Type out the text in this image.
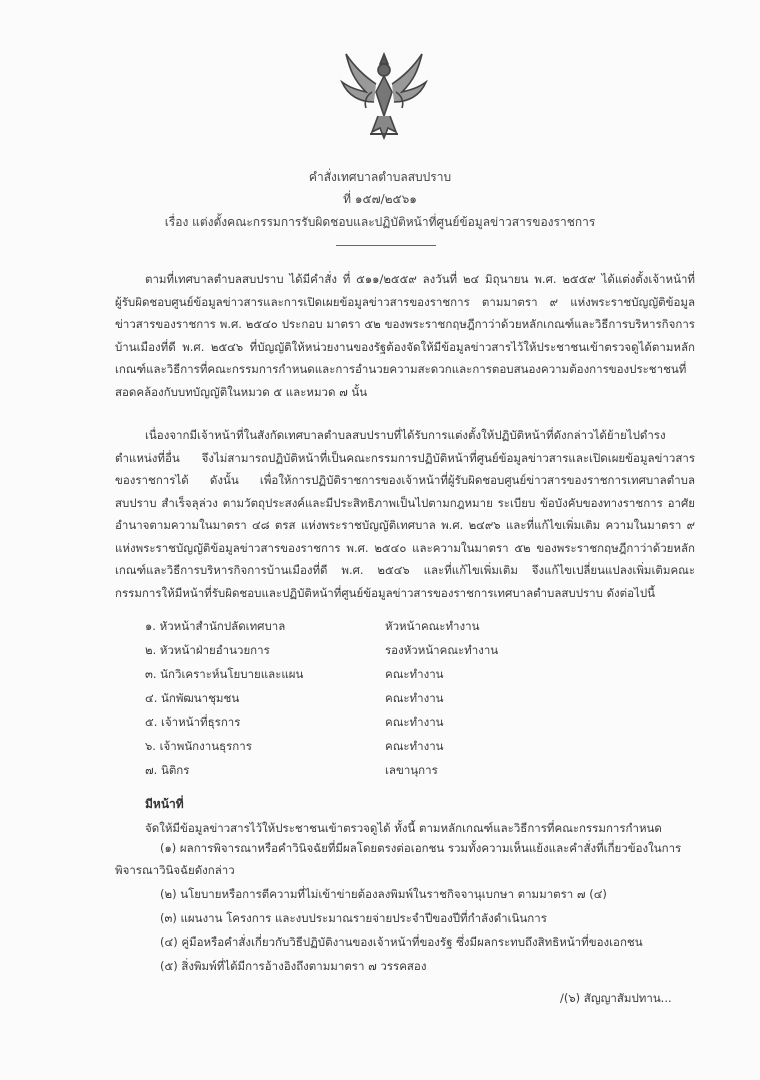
คำสั่งเทศบาลตำบลสบปราบ
ที่ ๑๕๗/๒๕๖๑
เรื่อง แต่งตั้งคณะกรรมการรับผิดชอบและปฏิบัติหน้าที่ศูนย์ข้อมูลข่าวสารของราชการ
ตามที่เทศบาลตำบลสบปราบ ได้มีคำสั่ง ที่ ๕๑๑/๒๕๕๙ ลงวันที่ ๒๔ มิถุนายน พ.ศ. ๒๕๕๙ ได้แต่งตั้งเจ้าหน้าที่ผู้รับผิดชอบศูนย์ข้อมูลข่าวสารและการเปิดเผยข้อมูลข่าวสารของราชการ ตามมาตรา ๙ แห่งพระราชบัญญัติข้อมูลข่าวสารของราชการ พ.ศ. ๒๕๔๐ ประกอบ มาตรา ๕๒ ของพระราชกฤษฎีกาว่าด้วยหลักเกณฑ์และวิธีการบริหารกิจการบ้านเมืองที่ดี พ.ศ. ๒๕๔๖ ที่บัญญัติให้หน่วยงานของรัฐต้องจัดให้มีข้อมูลข่าวสารไว้ให้ประชาชนเข้าตรวจดูได้ตามหลักเกณฑ์และวิธีการที่คณะกรรมการกำหนดและการอำนวยความสะดวกและการตอบสนองความต้องการของประชาชนที่สอดคล้องกับบทบัญญัติในหมวด ๕ และหมวด ๗ นั้น
เนื่องจากมีเจ้าหน้าที่ในสังกัดเทศบาลตำบลสบปราบที่ได้รับการแต่งตั้งให้ปฏิบัติหน้าที่ดังกล่าวได้ย้ายไปดำรงตำแหน่งที่อื่น จึงไม่สามารถปฏิบัติหน้าที่เป็นคณะกรรมการปฏิบัติหน้าที่ศูนย์ข้อมูลข่าวสารและเปิดเผยข้อมูลข่าวสารของราชการได้ ดังนั้น เพื่อให้การปฏิบัติราชการของเจ้าหน้าที่ผู้รับผิดชอบศูนย์ข่าวสารของราชการเทศบาลตำบลสบปราบ สำเร็จลุล่วง ตามวัตถุประสงค์และมีประสิทธิภาพเป็นไปตามกฎหมาย ระเบียบ ข้อบังคับของทางราชการ อาศัยอำนาจตามความในมาตรา ๔๘ ตรส แห่งพระราชบัญญัติเทศบาล พ.ศ. ๒๔๙๖ และที่แก้ไขเพิ่มเติม ความในมาตรา ๙ แห่งพระราชบัญญัติข้อมูลข่าวสารของราชการ พ.ศ. ๒๕๔๐ และความในมาตรา ๕๒ ของพระราชกฤษฎีกาว่าด้วยหลักเกณฑ์และวิธีการบริหารกิจการบ้านเมืองที่ดี พ.ศ. ๒๕๔๖ และที่แก้ไขเพิ่มเติม จึงแก้ไขเปลี่ยนแปลงเพิ่มเติมคณะกรรมการให้มีหน้าที่รับผิดชอบและปฏิบัติหน้าที่ศูนย์ข้อมูลข่าวสารของราชการเทศบาลตำบลสบปราบ ดังต่อไปนี้
๑. หัวหน้าสำนักปลัดเทศบาล	หัวหน้าคณะทำงาน
๒. หัวหน้าฝ่ายอำนวยการ	รองหัวหน้าคณะทำงาน
๓. นักวิเคราะห์นโยบายและแผน	คณะทำงาน
๔. นักพัฒนาชุมชน	คณะทำงาน
๕. เจ้าหน้าที่ธุรการ	คณะทำงาน
๖. เจ้าพนักงานธุรการ	คณะทำงาน
๗. นิติกร	เลขานุการ
มีหน้าที่
จัดให้มีข้อมูลข่าวสารไว้ให้ประชาชนเข้าตรวจดูได้ ทั้งนี้ ตามหลักเกณฑ์และวิธีการที่คณะกรรมการกำหนด
(๑) ผลการพิจารณาหรือคำวินิจฉัยที่มีผลโดยตรงต่อเอกชน รวมทั้งความเห็นแย้งและคำสั่งที่เกี่ยวข้องในการ
พิจารณาวินิจฉัยดังกล่าว
(๒) นโยบายหรือการตีความที่ไม่เข้าข่ายต้องลงพิมพ์ในราชกิจจานุเบกษา ตามมาตรา ๗ (๔)
(๓) แผนงาน โครงการ และงบประมาณรายจ่ายประจำปีของปีที่กำลังดำเนินการ
(๔) คู่มือหรือคำสั่งเกี่ยวกับวิธีปฏิบัติงานของเจ้าหน้าที่ของรัฐ ซึ่งมีผลกระทบถึงสิทธิหน้าที่ของเอกชน
(๕) สิ่งพิมพ์ที่ได้มีการอ้างอิงถึงตามมาตรา ๗ วรรคสอง
/(๖) สัญญาสัมปทาน...
